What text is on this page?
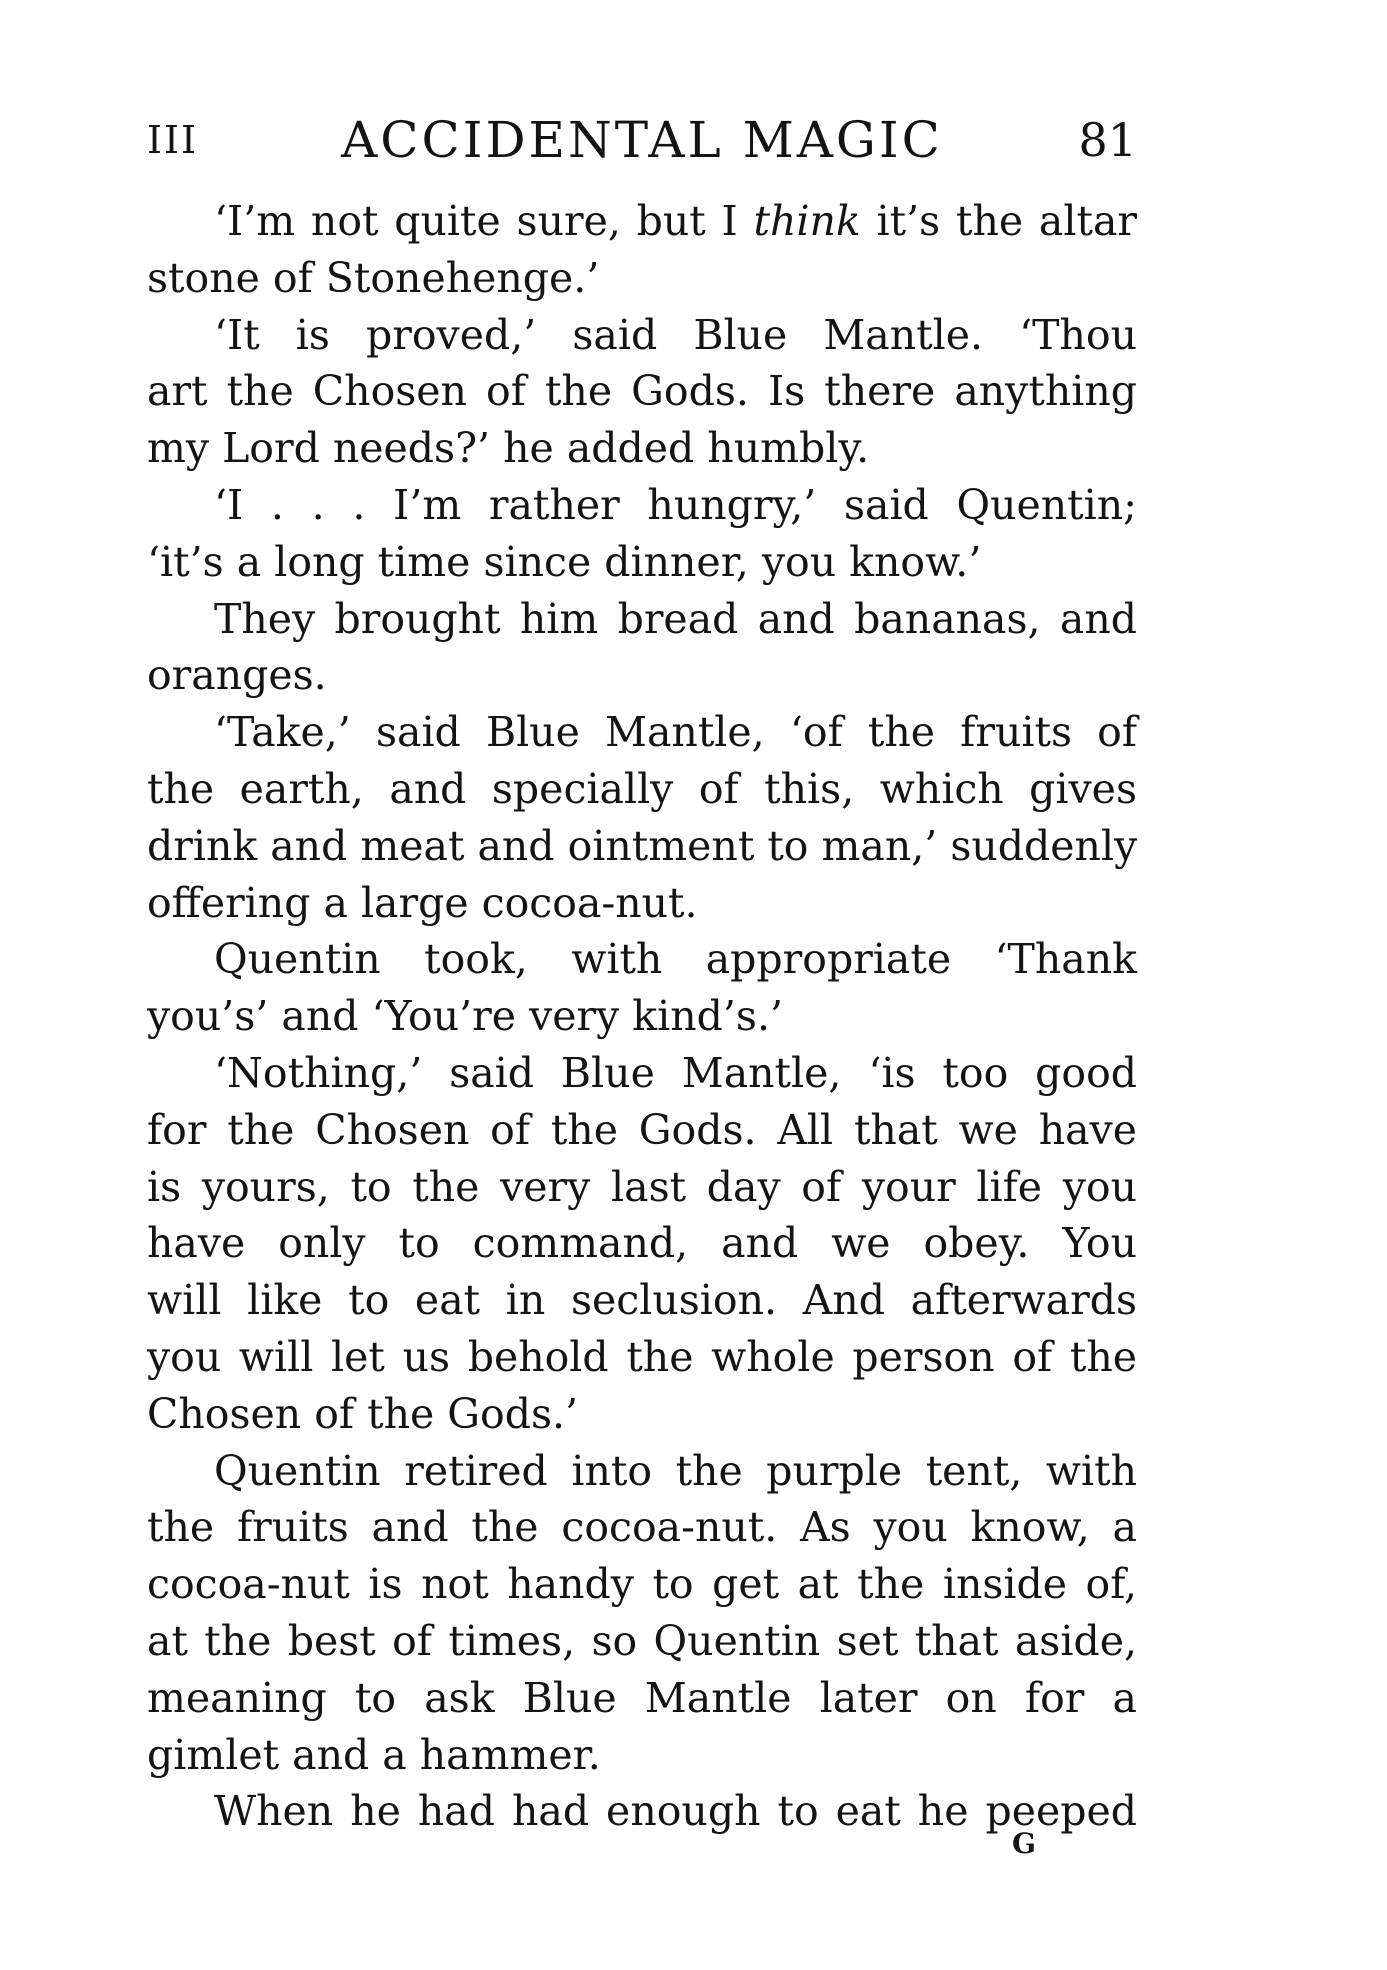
III	ACCIDENTAL MAGIC	81
‘I’m not quite sure, but I think it’s the altar
stone of Stonehenge.’
‘It is proved,’ said Blue Mantle. ‘Thou
art the Chosen of the Gods. Is there anything
my Lord needs?’ he added humbly.
‘I . . . I’m rather hungry,’ said Quentin;
‘it’s a long time since dinner, you know.’
They brought him bread and bananas, and
oranges.
‘Take,’ said Blue Mantle, ‘of the fruits of
the earth, and specially of this, which gives
drink and meat and ointment to man,’ suddenly
offering a large cocoa-nut.
Quentin took, with appropriate ‘Thank
you’s’ and ‘You’re very kind’s.’
‘Nothing,’ said Blue Mantle, ‘is too good
for the Chosen of the Gods. All that we have
is yours, to the very last day of your life you
have only to command, and we obey. You
will like to eat in seclusion. And afterwards
you will let us behold the whole person of the
Chosen of the Gods.’
Quentin retired into the purple tent, with
the fruits and the cocoa-nut. As you know, a
cocoa-nut is not handy to get at the inside of,
at the best of times, so Quentin set that aside,
meaning to ask Blue Mantle later on for a
gimlet and a hammer.
When he had had enough to eat he peeped
G
